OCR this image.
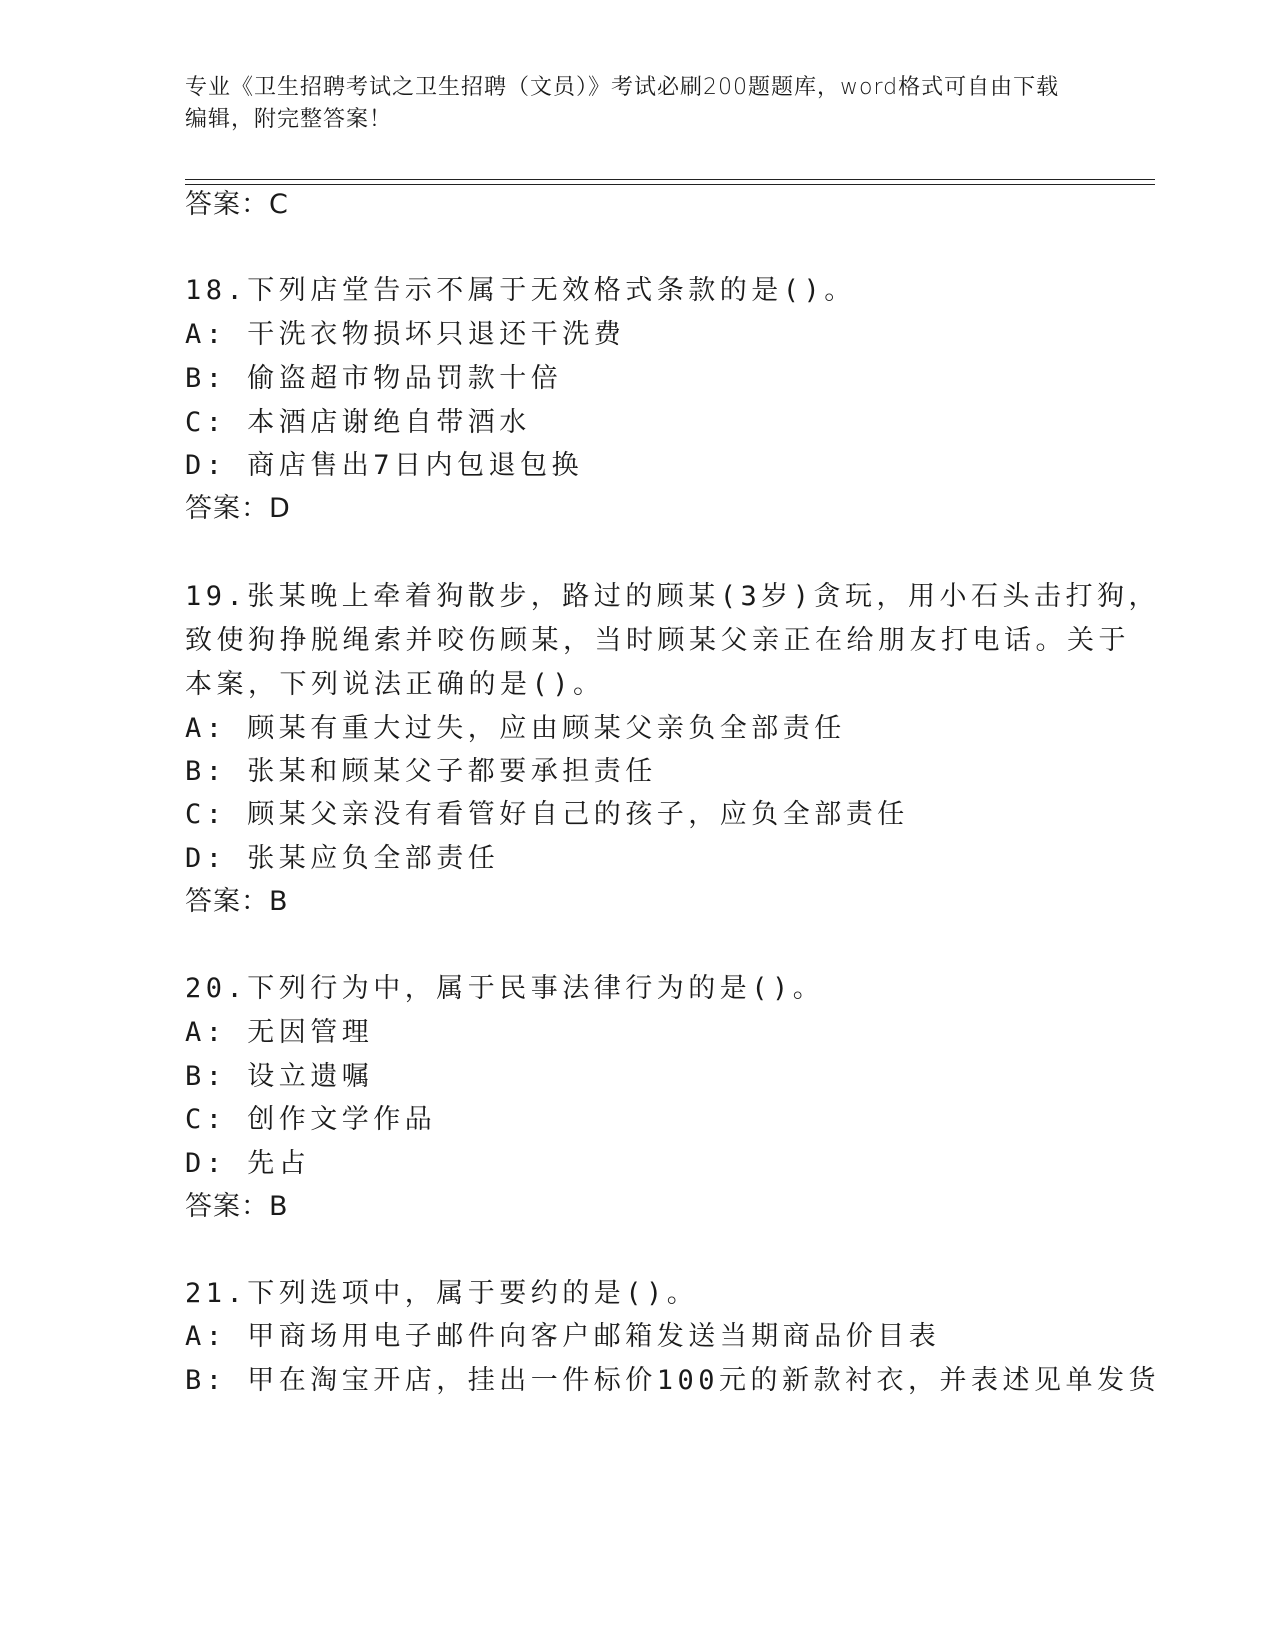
专业《卫生招聘考试之卫生招聘（文员）》考试必刷200题题库，word格式可自由下载编辑，附完整答案！
答案：C
18.下列店堂告示不属于无效格式条款的是()。
A: 干洗衣物损坏只退还干洗费
B: 偷盗超市物品罚款十倍
C: 本酒店谢绝自带酒水
D: 商店售出7日内包退包换
答案：D
19.张某晚上牵着狗散步，路过的顾某(3岁)贪玩，用小石头击打狗，
致使狗挣脱绳索并咬伤顾某，当时顾某父亲正在给朋友打电话。关于
本案，下列说法正确的是()。
A: 顾某有重大过失，应由顾某父亲负全部责任
B: 张某和顾某父子都要承担责任
C: 顾某父亲没有看管好自己的孩子，应负全部责任
D: 张某应负全部责任
答案：B
20.下列行为中，属于民事法律行为的是()。
A: 无因管理
B: 设立遗嘱
C: 创作文学作品
D: 先占
答案：B
21.下列选项中，属于要约的是()。
A: 甲商场用电子邮件向客户邮箱发送当期商品价目表
B: 甲在淘宝开店，挂出一件标价100元的新款衬衣，并表述见单发货
